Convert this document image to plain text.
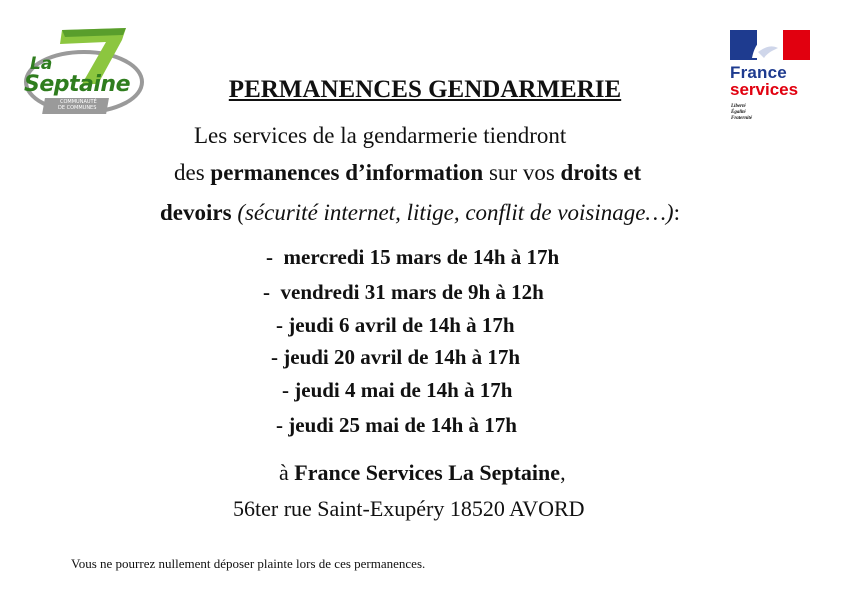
La
Septaine
COMMUNAUTÉ
DE COMMUNES
France
services
Liberté
Égalité
Fraternité
PERMANENCES GENDARMERIE
Les services de la gendarmerie tiendront
des permanences d’information sur vos droits et
devoirs (sécurité internet, litige, conflit de voisinage…):
-  mercredi 15 mars de 14h à 17h
-  vendredi 31 mars de 9h à 12h
- jeudi 6 avril de 14h à 17h
- jeudi 20 avril de 14h à 17h
- jeudi 4 mai de 14h à 17h
- jeudi 25 mai de 14h à 17h
à France Services La Septaine,
56ter rue Saint-Exupéry 18520 AVORD
Vous ne pourrez nullement déposer plainte lors de ces permanences.
